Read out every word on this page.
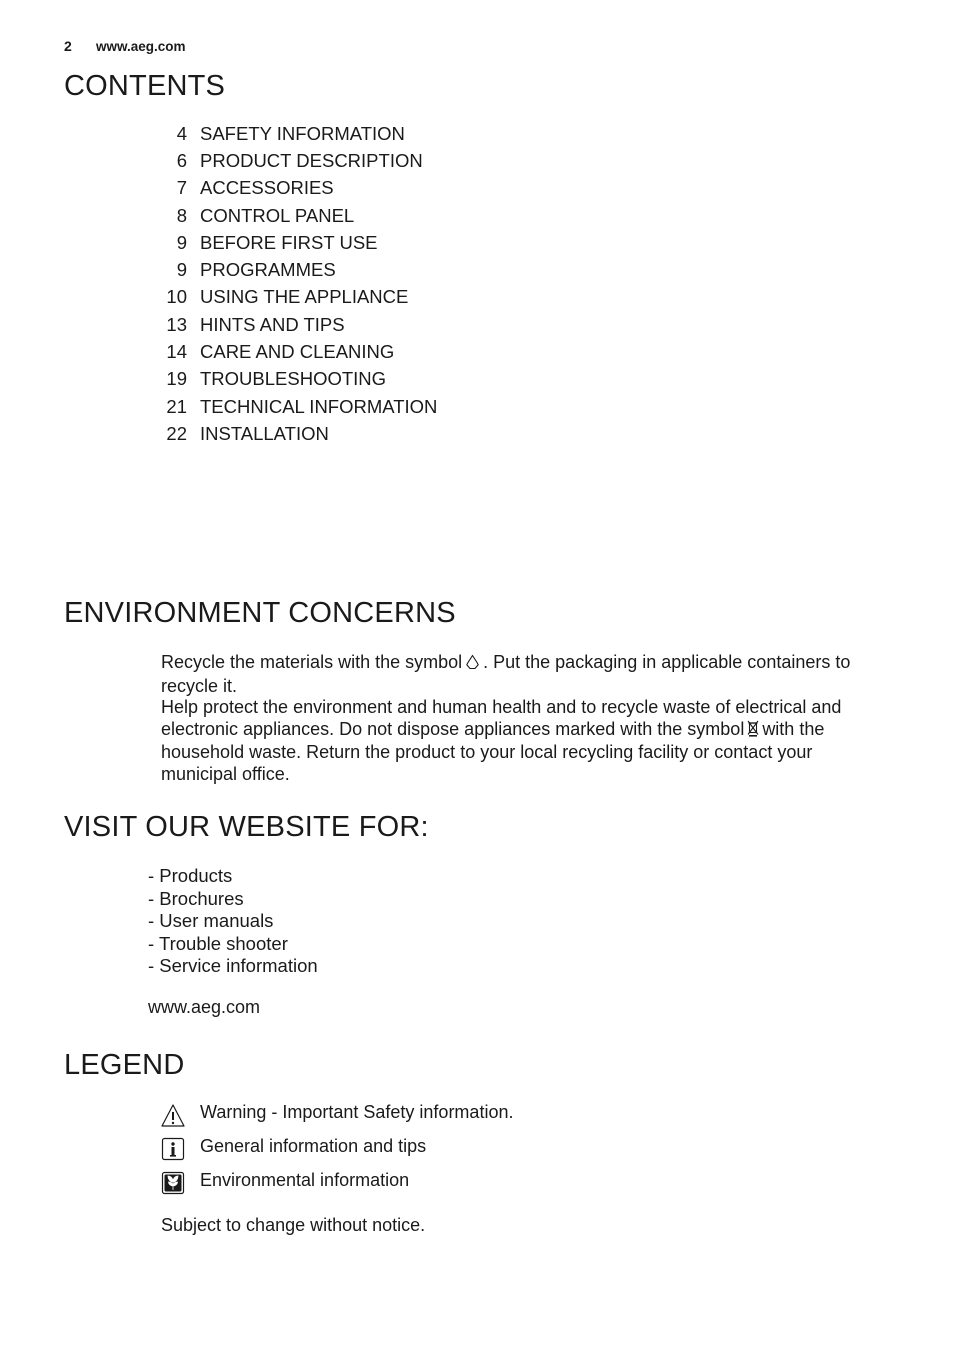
2 www.aeg.com
CONTENTS
4 SAFETY INFORMATION
6 PRODUCT DESCRIPTION
7 ACCESSORIES
8 CONTROL PANEL
9 BEFORE FIRST USE
9 PROGRAMMES
10 USING THE APPLIANCE
13 HINTS AND TIPS
14 CARE AND CLEANING
19 TROUBLESHOOTING
21 TECHNICAL INFORMATION
22 INSTALLATION
ENVIRONMENT CONCERNS
Recycle the materials with the symbol . Put the packaging in applicable containers to recycle it.
Help protect the environment and human health and to recycle waste of electrical and electronic appliances. Do not dispose appliances marked with the symbol with the household waste. Return the product to your local recycling facility or contact your municipal office.
VISIT OUR WEBSITE FOR:
- Products
- Brochures
- User manuals
- Trouble shooter
- Service information
www.aeg.com
LEGEND
Warning - Important Safety information.
General information and tips
Environmental information
Subject to change without notice.
